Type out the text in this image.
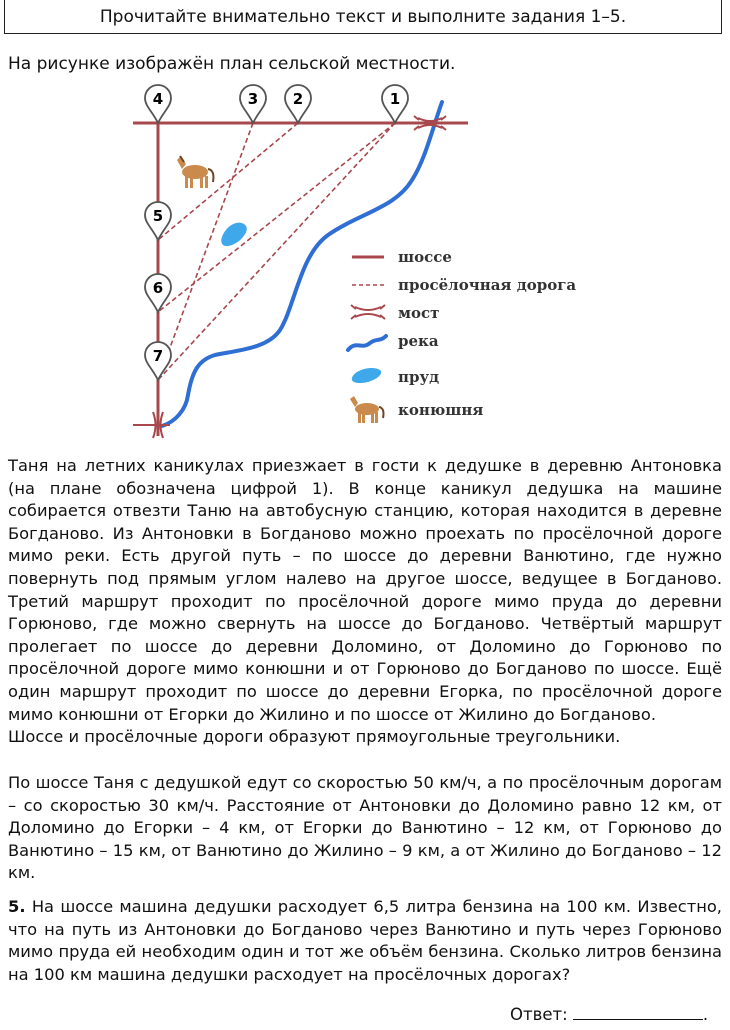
Прочитайте внимательно текст и выполните задания 1–5.
На рисунке изображён план сельской местности.
4	3 2	1
5
6
7
шоссе
просёлочная дорога
мост
река
пруд
конюшня

Таня на летних каникулах приезжает в гости к дедушке в деревню Антоновка (на плане обозначена цифрой 1). В конце каникул дедушка на машине собирается отвезти Таню на автобусную станцию, которая находится в деревне Богданово. Из Антоновки в Богданово можно проехать по просёлочной дороге мимо реки. Есть другой путь – по шоссе до деревни Ванютино, где нужно повернуть под прямым углом налево на другое шоссе, ведущее в Богданово. Третий маршрут проходит по просёлочной дороге мимо пруда до деревни Горюново, где можно свернуть на шоссе до Богданово. Четвёртый маршрут пролегает по шоссе до деревни Доломино, от Доломино до Горюново по просёлочной дороге мимо конюшни и от Горюново до Богданово по шоссе. Ещё один маршрут проходит по шоссе до деревни Егорка, по просёлочной дороге мимо конюшни от Егорки до Жилино и по шоссе от Жилино до Богданово.

Шоссе и просёлочные дороги образуют прямоугольные треугольники.

По шоссе Таня с дедушкой едут со скоростью 50 км/ч, а по просёлочным дорогам – со скоростью 30 км/ч. Расстояние от Антоновки до Доломино равно 12 км, от Доломино до Егорки – 4 км, от Егорки до Ванютино – 12 км, от Горюново до Ванютино – 15 км, от Ванютино до Жилино – 9 км, а от Жилино до Богданово – 12 км.

5. На шоссе машина дедушки расходует 6,5 литра бензина на 100 км. Известно, что на путь из Антоновки до Богданово через Ванютино и путь через Горюново мимо пруда ей необходим один и тот же объём бензина. Сколько литров бензина на 100 км машина дедушки расходует на просёлочных дорогах?

Ответ:	.
